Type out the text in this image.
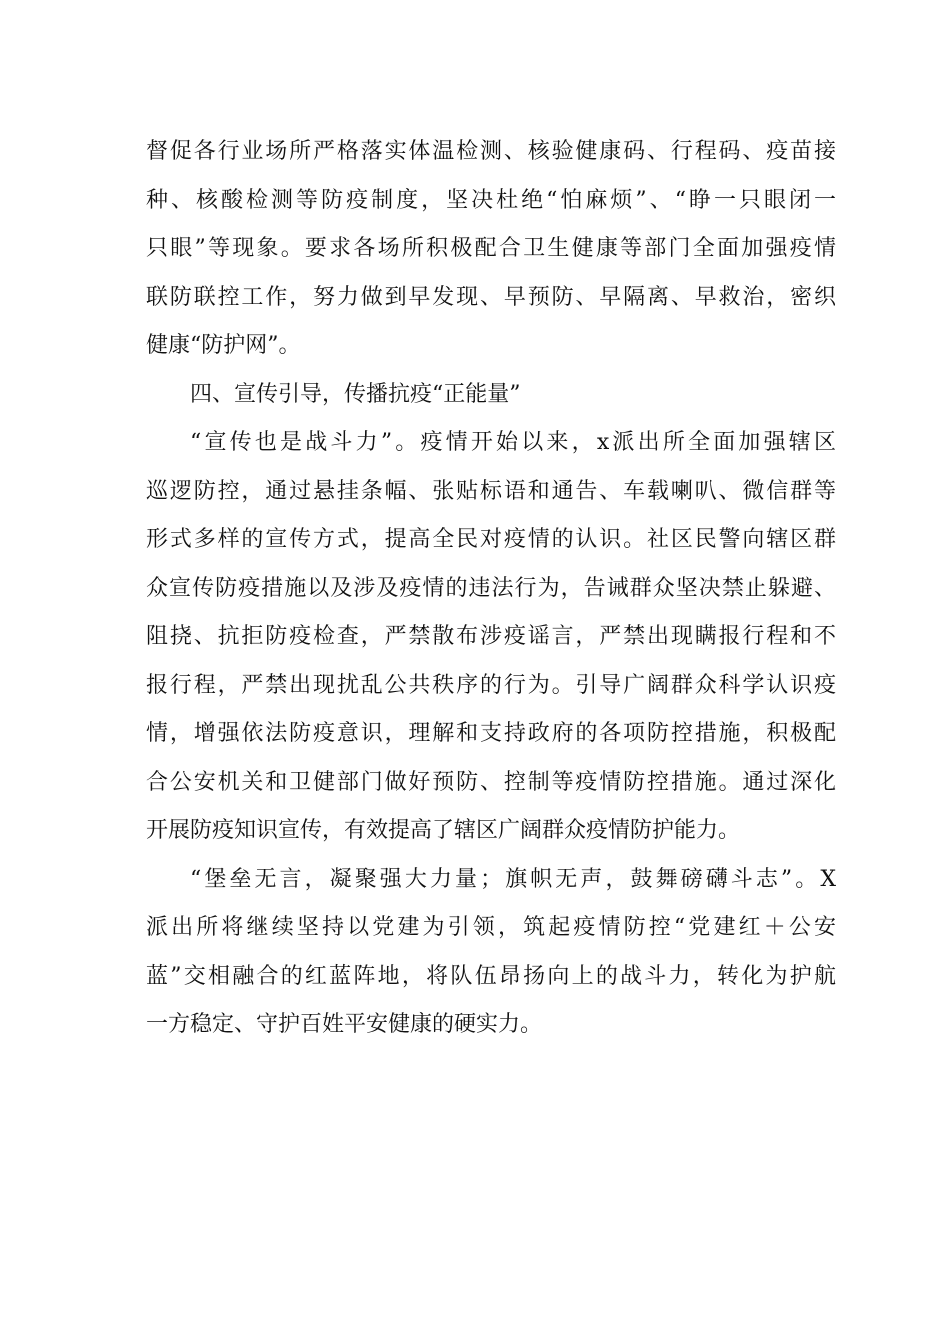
督促各行业场所严格落实体温检测、核验健康码、行程码、疫苗接
种、核酸检测等防疫制度，坚决杜绝“怕麻烦”、“睁一只眼闭一
只眼”等现象。要求各场所积极配合卫生健康等部门全面加强疫情
联防联控工作，努力做到早发现、早预防、早隔离、早救治，密织
健康“防护网”。
四、宣传引导，传播抗疫“正能量”
“宣传也是战斗力”。疫情开始以来，x派出所全面加强辖区
巡逻防控，通过悬挂条幅、张贴标语和通告、车载喇叭、微信群等
形式多样的宣传方式，提高全民对疫情的认识。社区民警向辖区群
众宣传防疫措施以及涉及疫情的违法行为，告诫群众坚决禁止躲避、
阻挠、抗拒防疫检查，严禁散布涉疫谣言，严禁出现瞒报行程和不
报行程，严禁出现扰乱公共秩序的行为。引导广阔群众科学认识疫
情，增强依法防疫意识，理解和支持政府的各项防控措施，积极配
合公安机关和卫健部门做好预防、控制等疫情防控措施。通过深化
开展防疫知识宣传，有效提高了辖区广阔群众疫情防护能力。
“堡垒无言，凝聚强大力量；旗帜无声，鼓舞磅礴斗志”。X
派出所将继续坚持以党建为引领，筑起疫情防控“党建红＋公安
蓝”交相融合的红蓝阵地，将队伍昂扬向上的战斗力，转化为护航
一方稳定、守护百姓平安健康的硬实力。
